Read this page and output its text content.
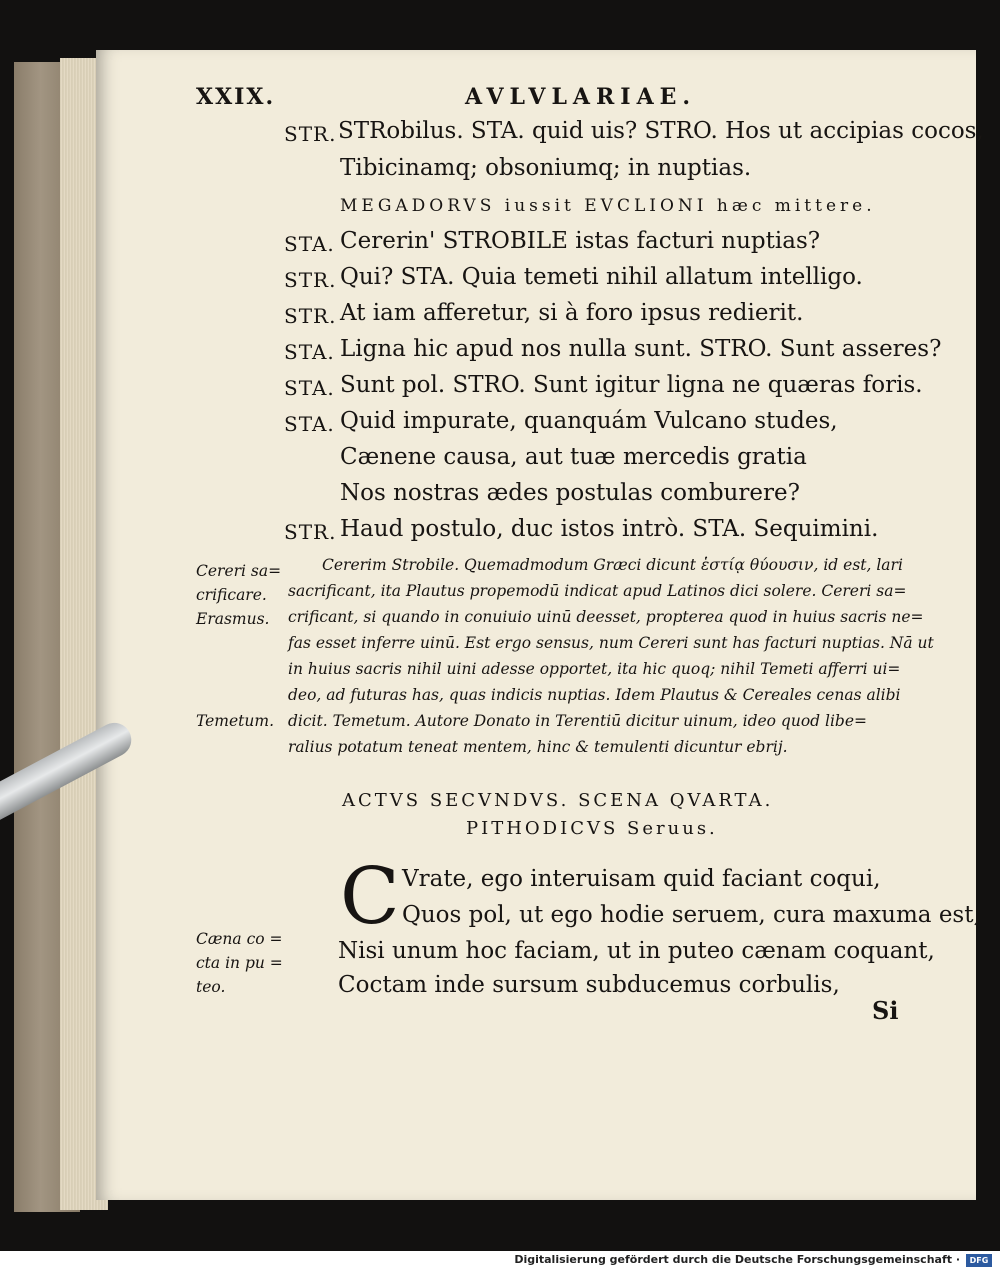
XXIX.	AVLVLARIAE.
STR. STRobilus. STA. quid uis? STRO. Hos ut accipias cocos,
Tibicinamq; obsoniumq; in nuptias.
MEGADORVS iussit EVCLIONI hæc mittere.
STA. Cererin' STROBILE istas facturi nuptias?
STR. Qui? STA. Quia temeti nihil allatum intelligo.
STR. At iam afferetur, si à foro ipsus redierit.
STA. Ligna hic apud nos nulla sunt. STRO. Sunt asseres?
STA. Sunt pol. STRO. Sunt igitur ligna ne quæras foris.
STA. Quid impurate, quanquám Vulcano studes,
Cænene causa, aut tuæ mercedis gratia
Nos nostras ædes postulas comburere?
STR. Haud postulo, duc istos intrò. STA. Sequimini.
Cereri sa=
crificare.
Erasmus.
Temetum.
Cæna co =
cta in pu =
teo.
Cererim Strobile. Quemadmodum Græci dicunt ἑστίᾳ θύουσιν, id est, lari
sacrificant, ita Plautus propemodū indicat apud Latinos dici solere. Cereri sa=
crificant, si quando in conuiuio uinū deesset, propterea quod in huius sacris ne=
fas esset inferre uinū. Est ergo sensus, num Cereri sunt has facturi nuptias. Nā ut
in huius sacris nihil uini adesse opportet, ita hic quoq; nihil Temeti afferri ui=
deo, ad futuras has, quas indicis nuptias. Idem Plautus & Cereales cenas alibi
dicit. Temetum. Autore Donato in Terentiū dicitur uinum, ideo quod libe=
ralius potatum teneat mentem, hinc & temulenti dicuntur ebrij.
ACTVS SECVNDVS. SCENA QVARTA.
PITHODICVS Seruus.
C Vrate, ego interuisam quid faciant coqui,
Quos pol, ut ego hodie seruem, cura maxuma est,
Nisi unum hoc faciam, ut in puteo cænam coquant,
Coctam inde sursum subducemus corbulis,
Si
Digitalisierung gefördert durch die Deutsche Forschungsgemeinschaft ·	DFG
